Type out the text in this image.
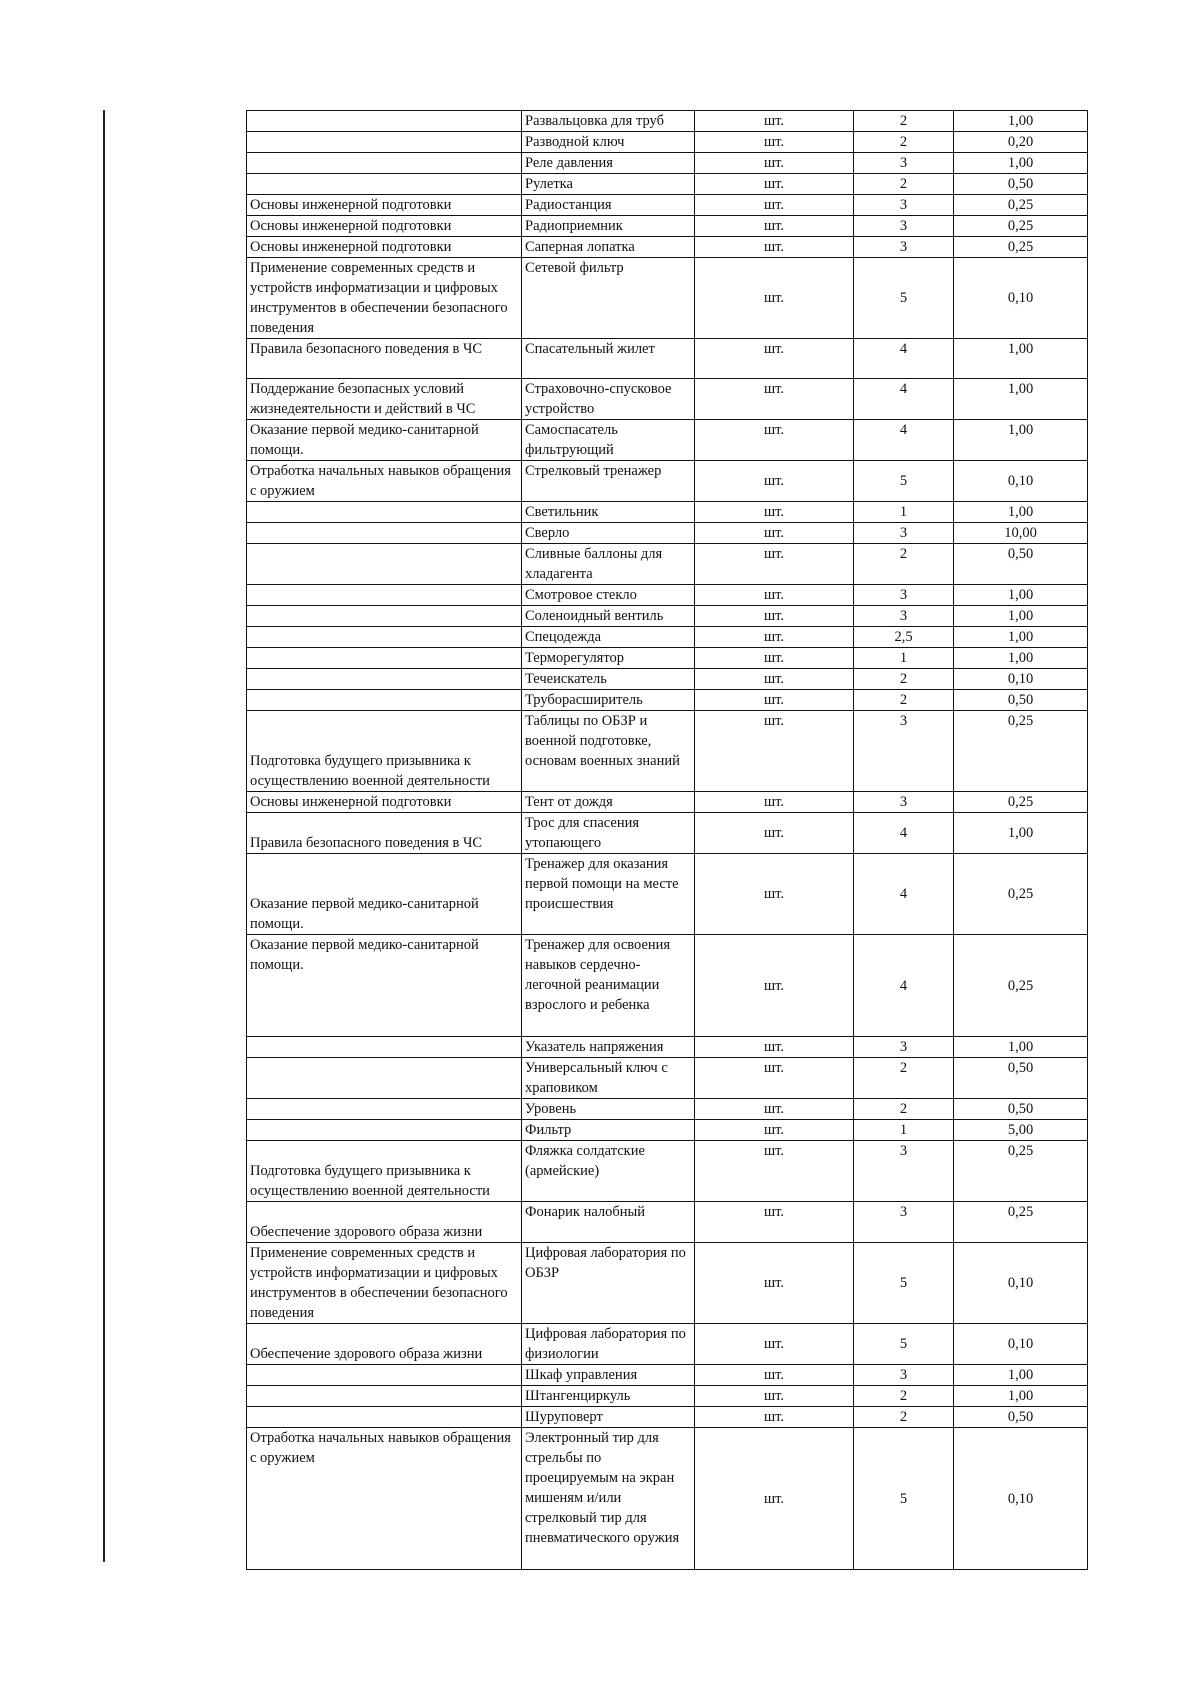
	Развальцовка для труб	шт.	2	1,00
	Разводной ключ	шт.	2	0,20
	Реле давления	шт.	3	1,00
	Рулетка	шт.	2	0,50
Основы инженерной подготовки	Радиостанция	шт.	3	0,25
Основы инженерной подготовки	Радиоприемник	шт.	3	0,25
Основы инженерной подготовки	Саперная лопатка	шт.	3	0,25
Применение современных средств и устройств информатизации и цифровых инструментов в обеспечении безопасного поведения	Сетевой фильтр	шт.	5	0,10
Правила безопасного поведения в ЧС	Спасательный жилет	шт.	4	1,00
Поддержание безопасных условий жизнедеятельности и действий в ЧС	Страховочно-спусковое устройство	шт.	4	1,00
Оказание первой медико-санитарной помощи.	Самоспасатель фильтрующий	шт.	4	1,00
Отработка начальных навыков обращения с оружием	Стрелковый тренажер	шт.	5	0,10
	Светильник	шт.	1	1,00
	Сверло	шт.	3	10,00
	Сливные баллоны для хладагента	шт.	2	0,50
	Смотровое стекло	шт.	3	1,00
	Соленоидный вентиль	шт.	3	1,00
	Спецодежда	шт.	2,5	1,00
	Терморегулятор	шт.	1	1,00
	Течеискатель	шт.	2	0,10
	Труборасширитель	шт.	2	0,50
Подготовка будущего призывника к осуществлению военной деятельности	Таблицы по ОБЗР и военной подготовке, основам военных знаний	шт.	3	0,25
Основы инженерной подготовки	Тент от дождя	шт.	3	0,25
Правила безопасного поведения в ЧС	Трос для спасения утопающего	шт.	4	1,00
Оказание первой медико-санитарной помощи.	Тренажер для оказания первой помощи на месте происшествия	шт.	4	0,25
Оказание первой медико-санитарной помощи.	Тренажер для освоения навыков сердечно-легочной реанимации взрослого и ребенка	шт.	4	0,25
	Указатель напряжения	шт.	3	1,00
	Универсальный ключ с храповиком	шт.	2	0,50
	Уровень	шт.	2	0,50
	Фильтр	шт.	1	5,00
Подготовка будущего призывника к осуществлению военной деятельности	Фляжка солдатские (армейские)	шт.	3	0,25
Обеспечение здорового образа жизни	Фонарик налобный	шт.	3	0,25
Применение современных средств и устройств информатизации и цифровых инструментов в обеспечении безопасного поведения	Цифровая лаборатория по ОБЗР	шт.	5	0,10
Обеспечение здорового образа жизни	Цифровая лаборатория по физиологии	шт.	5	0,10
	Шкаф управления	шт.	3	1,00
	Штангенциркуль	шт.	2	1,00
	Шуруповерт	шт.	2	0,50
Отработка начальных навыков обращения с оружием	Электронный тир для стрельбы по проецируемым на экран мишеням и/или стрелковый тир для пневматического оружия	шт.	5	0,10
